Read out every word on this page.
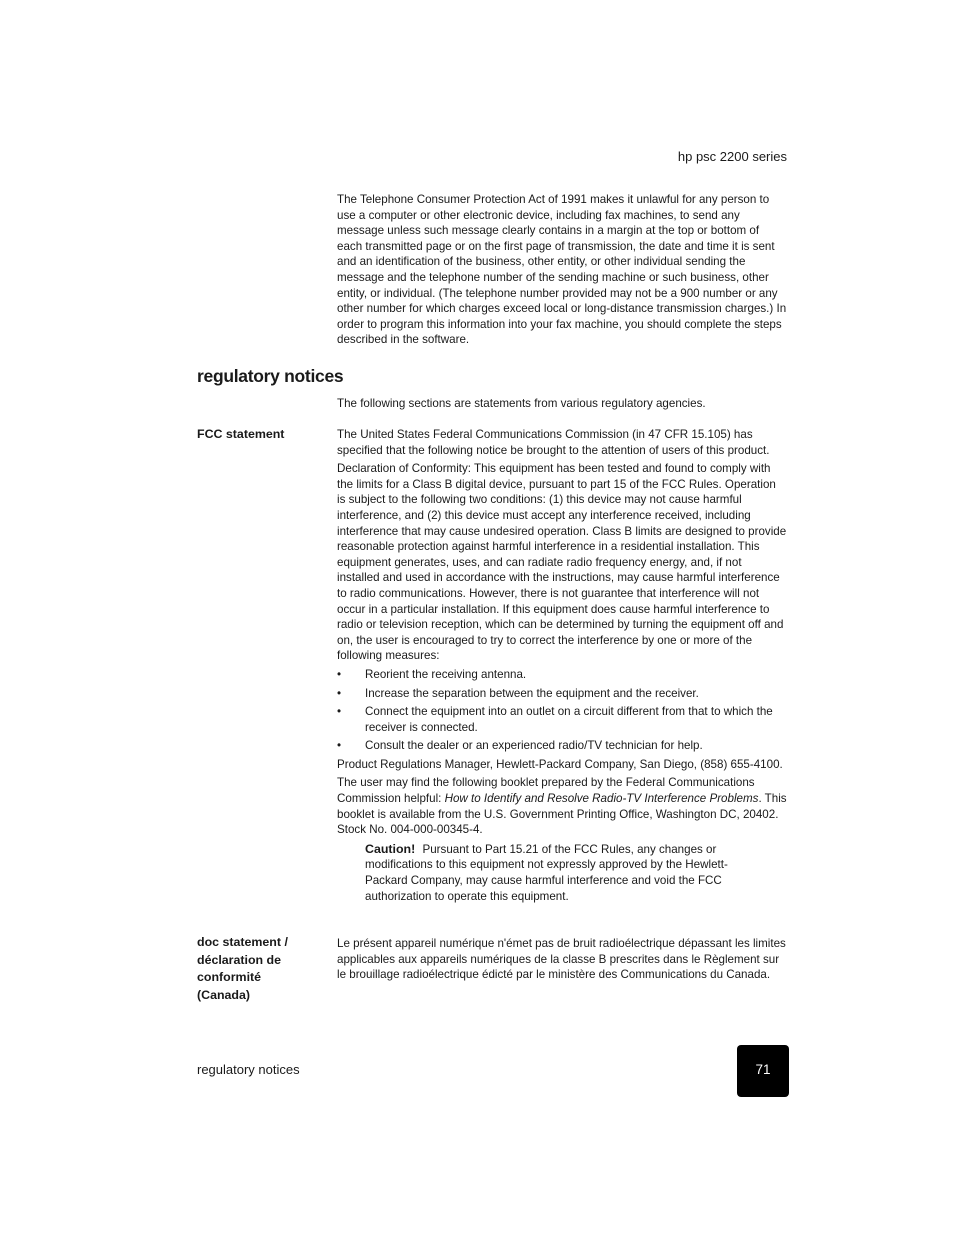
hp psc 2200 series

The Telephone Consumer Protection Act of 1991 makes it unlawful for any person to use a computer or other electronic device, including fax machines, to send any message unless such message clearly contains in a margin at the top or bottom of each transmitted page or on the first page of transmission, the date and time it is sent and an identification of the business, other entity, or other individual sending the message and the telephone number of the sending machine or such business, other entity, or individual. (The telephone number provided may not be a 900 number or any other number for which charges exceed local or long-distance transmission charges.) In order to program this information into your fax machine, you should complete the steps described in the software.

regulatory notices

The following sections are statements from various regulatory agencies.

FCC statement	The United States Federal Communications Commission (in 47 CFR 15.105) has specified that the following notice be brought to the attention of users of this product.

Declaration of Conformity: This equipment has been tested and found to comply with the limits for a Class B digital device, pursuant to part 15 of the FCC Rules. Operation is subject to the following two conditions: (1) this device may not cause harmful interference, and (2) this device must accept any interference received, including interference that may cause undesired operation. Class B limits are designed to provide reasonable protection against harmful interference in a residential installation. This equipment generates, uses, and can radiate radio frequency energy, and, if not installed and used in accordance with the instructions, may cause harmful interference to radio communications. However, there is not guarantee that interference will not occur in a particular installation. If this equipment does cause harmful interference to radio or television reception, which can be determined by turning the equipment off and on, the user is encouraged to try to correct the interference by one or more of the following measures:

• Reorient the receiving antenna.
• Increase the separation between the equipment and the receiver.
• Connect the equipment into an outlet on a circuit different from that to which the receiver is connected.
• Consult the dealer or an experienced radio/TV technician for help.

Product Regulations Manager, Hewlett-Packard Company, San Diego, (858) 655-4100.

The user may find the following booklet prepared by the Federal Communications Commission helpful: How to Identify and Resolve Radio-TV Interference Problems. This booklet is available from the U.S. Government Printing Office, Washington DC, 20402. Stock No. 004-000-00345-4.

Caution! Pursuant to Part 15.21 of the FCC Rules, any changes or modifications to this equipment not expressly approved by the Hewlett-Packard Company, may cause harmful interference and void the FCC authorization to operate this equipment.
doc statement / déclaration de conformité (Canada)

Le présent appareil numérique n'émet pas de bruit radioélectrique dépassant les limites applicables aux appareils numériques de la classe B prescrites dans le Règlement sur le brouillage radioélectrique édicté par le ministère des Communications du Canada.

regulatory notices	71
